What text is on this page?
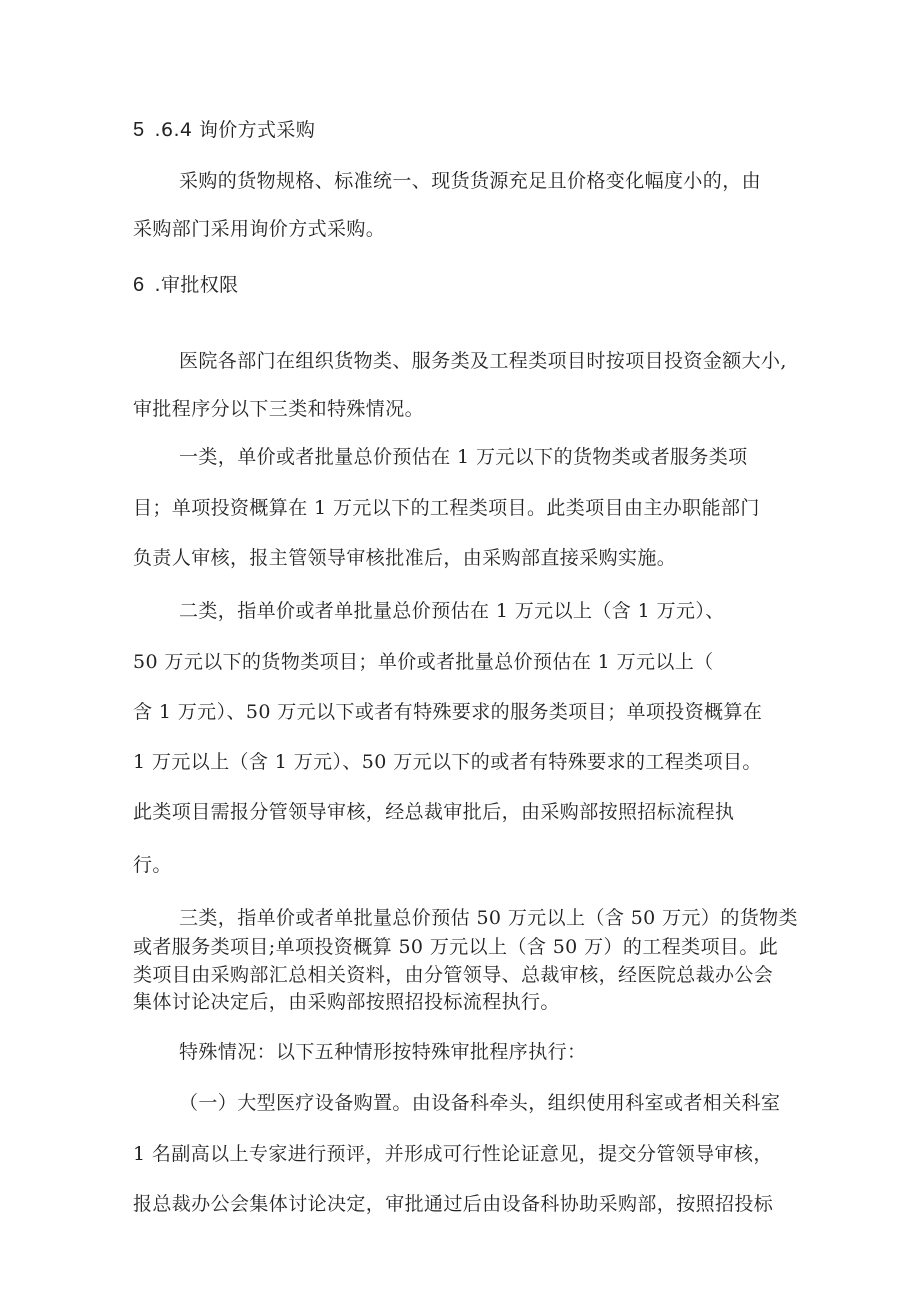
5 .6.4 询价方式采购
采购的货物规格、标准统一、现货货源充足且价格变化幅度小的，由
采购部门采用询价方式采购。
6 .审批权限
医院各部门在组织货物类、服务类及工程类项目时按项目投资金额大小,
审批程序分以下三类和特殊情况。
一类，单价或者批量总价预估在 1 万元以下的货物类或者服务类项
目；单项投资概算在 1 万元以下的工程类项目。此类项目由主办职能部门
负责人审核，报主管领导审核批准后，由采购部直接采购实施。
二类，指单价或者单批量总价预估在 1 万元以上（含 1 万元）、
50 万元以下的货物类项目；单价或者批量总价预估在 1 万元以上（
含 1 万元）、50 万元以下或者有特殊要求的服务类项目；单项投资概算在
1 万元以上（含 1 万元）、50 万元以下的或者有特殊要求的工程类项目。
此类项目需报分管领导审核，经总裁审批后，由采购部按照招标流程执
行。
三类，指单价或者单批量总价预估 50 万元以上（含 50 万元）的货物类
或者服务类项目;单项投资概算 50 万元以上（含 50 万）的工程类项目。此
类项目由采购部汇总相关资料，由分管领导、总裁审核，经医院总裁办公会
集体讨论决定后，由采购部按照招投标流程执行。
特殊情况：以下五种情形按特殊审批程序执行：
（一）大型医疗设备购置。由设备科牵头，组织使用科室或者相关科室
1 名副高以上专家进行预评，并形成可行性论证意见，提交分管领导审核，
报总裁办公会集体讨论决定，审批通过后由设备科协助采购部，按照招投标
